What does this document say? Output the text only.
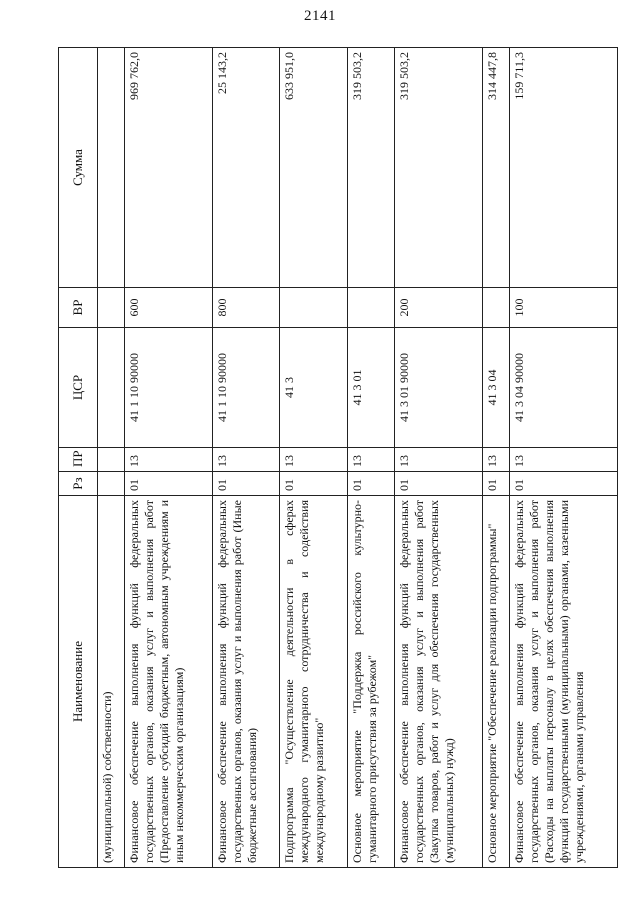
2141
Наименование	Рз	ПР	ЦСР	ВР	Сумма
(муниципальной) собственности)					
Финансовое обеспечение выполнения функций федеральных государственных органов, оказания услуг и выполнения работ (Предоставление субсидий бюджетным, автономным учреждениям и иным некоммерческим организациям)	01	13	41 1 10 90000	600	969 762,0
Финансовое обеспечение выполнения функций федеральных государственных органов, оказания услуг и выполнения работ (Иные бюджетные ассигнования)	01	13	41 1 10 90000	800	25 143,2
Подпрограмма "Осуществление деятельности в сферах международного гуманитарного сотрудничества и содействия международному развитию"	01	13	41 3		633 951,0
Основное мероприятие "Поддержка российского культурно-гуманитарного присутствия за рубежом"	01	13	41 3 01		319 503,2
Финансовое обеспечение выполнения функций федеральных государственных органов, оказания услуг и выполнения работ (Закупка товаров, работ и услуг для обеспечения государственных (муниципальных) нужд)	01	13	41 3 01 90000	200	319 503,2
Основное мероприятие "Обеспечение реализации подпрограммы"	01	13	41 3 04		314 447,8
Финансовое обеспечение выполнения функций федеральных государственных органов, оказания услуг и выполнения работ (Расходы на выплаты персоналу в целях обеспечения выполнения функций государственными (муниципальными) органами, казенными учреждениями, органами управления	01	13	41 3 04 90000	100	159 711,3
